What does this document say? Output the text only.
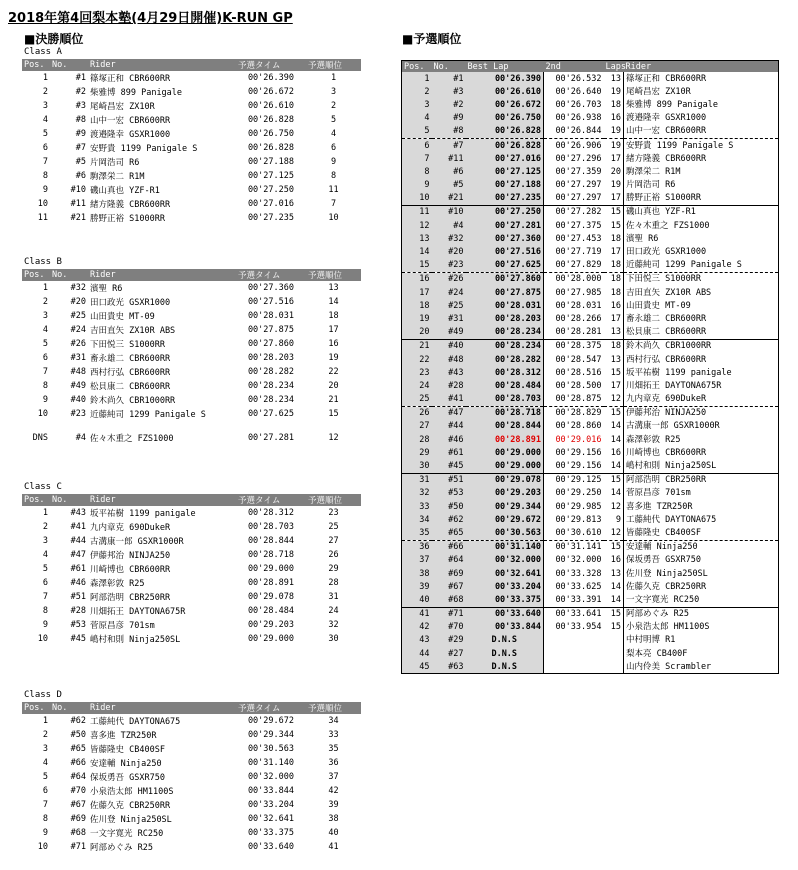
2018年第4回梨本塾(4月29日開催)K-RUN GP
■決勝順位	■予選順位
Class A
Pos.	No.	Rider	予選タイム	予選順位
1	#1	篠塚正和 CBR600RR	00'26.390	1
2	#2	柴雅博 899 Panigale	00'26.672	3
3	#3	尾崎昌宏 ZX10R	00'26.610	2
4	#8	山中一宏 CBR600RR	00'26.828	5
5	#9	渡邉隆幸 GSXR1000	00'26.750	4
6	#7	安野貴 1199 Panigale S	00'26.828	6
7	#5	片岡浩司 R6	00'27.188	9
8	#6	駒澤栄二 R1M	00'27.125	8
9	#10	磯山真也 YZF-R1	00'27.250	11
10	#11	緒方隆義 CBR600RR	00'27.016	7
11	#21	勝野正裕 S1000RR	00'27.235	10
Class B
Pos.	No.	Rider	予選タイム	予選順位
1	#32	濱聖 R6	00'27.360	13
2	#20	田口政光 GSXR1000	00'27.516	14
3	#25	山田貴史 MT-09	00'28.031	18
4	#24	吉田直矢 ZX10R ABS	00'27.875	17
5	#26	下田悦三 S1000RR	00'27.860	16
6	#31	畜永雄二 CBR600RR	00'28.203	19
7	#48	西村行弘 CBR600RR	00'28.282	22
8	#49	松貝康二 CBR600RR	00'28.234	20
9	#40	鈴木尚久 CBR1000RR	00'28.234	21
10	#23	近藤純司 1299 Panigale S	00'27.625	15

DNS	#4	佐々木重之 FZS1000	00'27.281	12
Class C
Pos.	No.	Rider	予選タイム	予選順位
1	#43	坂平祐樹 1199 panigale	00'28.312	23
2	#41	九内章克 690DukeR	00'28.703	25
3	#44	古溝康一郎 GSXR1000R	00'28.844	27
4	#47	伊藤邦治 NINJA250	00'28.718	26
5	#61	川崎博也 CBR600RR	00'29.000	29
6	#46	森澤彰敦 R25	00'28.891	28
7	#51	阿部浩明 CBR250RR	00'29.078	31
8	#28	川畑拓王 DAYTONA675R	00'28.484	24
9	#53	菅原昌彦 701sm	00'29.203	32
10	#45	嶋村和則 Ninja250SL	00'29.000	30
Class D
Pos.	No.	Rider	予選タイム	予選順位
1	#62	工藤純代 DAYTONA675	00'29.672	34
2	#50	喜多進 TZR250R	00'29.344	33
3	#65	皆藤隆史 CB400SF	00'30.563	35
4	#66	安達輔 Ninja250	00'31.140	36
5	#64	保坂勇吾 GSXR750	00'32.000	37
6	#70	小泉浩太郎 HM1100S	00'33.844	42
7	#67	佐藤久克 CBR250RR	00'33.204	39
8	#69	佐川登 Ninja250SL	00'32.641	38
9	#68	一文字寛光 RC250	00'33.375	40
10	#71	阿部めぐみ R25	00'33.640	41
Pos.	No.	Best Lap	2nd	Laps	Rider
1	#1	00'26.390	00'26.532	13	篠塚正和 CBR600RR
2	#3	00'26.610	00'26.640	19	尾崎昌宏 ZX10R
3	#2	00'26.672	00'26.703	18	柴雅博 899 Panigale
4	#9	00'26.750	00'26.938	16	渡邉隆幸 GSXR1000
5	#8	00'26.828	00'26.844	19	山中一宏 CBR600RR
6	#7	00'26.828	00'26.906	19	安野貴 1199 Panigale S
7	#11	00'27.016	00'27.296	17	緒方隆義 CBR600RR
8	#6	00'27.125	00'27.359	20	駒澤栄二 R1M
9	#5	00'27.188	00'27.297	19	片岡浩司 R6
10	#21	00'27.235	00'27.297	17	勝野正裕 S1000RR
11	#10	00'27.250	00'27.282	15	磯山真也 YZF-R1
12	#4	00'27.281	00'27.375	15	佐々木重之 FZS1000
13	#32	00'27.360	00'27.453	18	濱聖 R6
14	#20	00'27.516	00'27.719	17	田口政光 GSXR1000
15	#23	00'27.625	00'27.829	18	近藤純司 1299 Panigale S
16	#26	00'27.860	00'28.000	18	下田悦三 S1000RR
17	#24	00'27.875	00'27.985	18	吉田直矢 ZX10R ABS
18	#25	00'28.031	00'28.031	16	山田貴史 MT-09
19	#31	00'28.203	00'28.266	17	畜永雄二 CBR600RR
20	#49	00'28.234	00'28.281	13	松貝康二 CBR600RR
21	#40	00'28.234	00'28.375	18	鈴木尚久 CBR1000RR
22	#48	00'28.282	00'28.547	13	西村行弘 CBR600RR
23	#43	00'28.312	00'28.516	15	坂平祐樹 1199 panigale
24	#28	00'28.484	00'28.500	17	川畑拓王 DAYTONA675R
25	#41	00'28.703	00'28.875	12	九内章克 690DukeR
26	#47	00'28.718	00'28.829	15	伊藤邦治 NINJA250
27	#44	00'28.844	00'28.860	14	古溝康一郎 GSXR1000R
28	#46	00'28.891	00'29.016	14	森澤彰敦 R25
29	#61	00'29.000	00'29.156	16	川崎博也 CBR600RR
30	#45	00'29.000	00'29.156	14	嶋村和則 Ninja250SL
31	#51	00'29.078	00'29.125	15	阿部浩明 CBR250RR
32	#53	00'29.203	00'29.250	14	菅原昌彦 701sm
33	#50	00'29.344	00'29.985	12	喜多進 TZR250R
34	#62	00'29.672	00'29.813	9	工藤純代 DAYTONA675
35	#65	00'30.563	00'30.610	12	皆藤隆史 CB400SF
36	#66	00'31.140	00'31.141	15	安達輔 Ninja250
37	#64	00'32.000	00'32.000	16	保坂勇吾 GSXR750
38	#69	00'32.641	00'33.328	13	佐川登 Ninja250SL
39	#67	00'33.204	00'33.625	14	佐藤久克 CBR250RR
40	#68	00'33.375	00'33.391	14	一文字寛光 RC250
41	#71	00'33.640	00'33.641	15	阿部めぐみ R25
42	#70	00'33.844	00'33.954	15	小泉浩太郎 HM1100S
43	#29	D.N.S			中村明博 R1
44	#27	D.N.S			梨本亮 CB400F
45	#63	D.N.S			山内伶美 Scrambler
